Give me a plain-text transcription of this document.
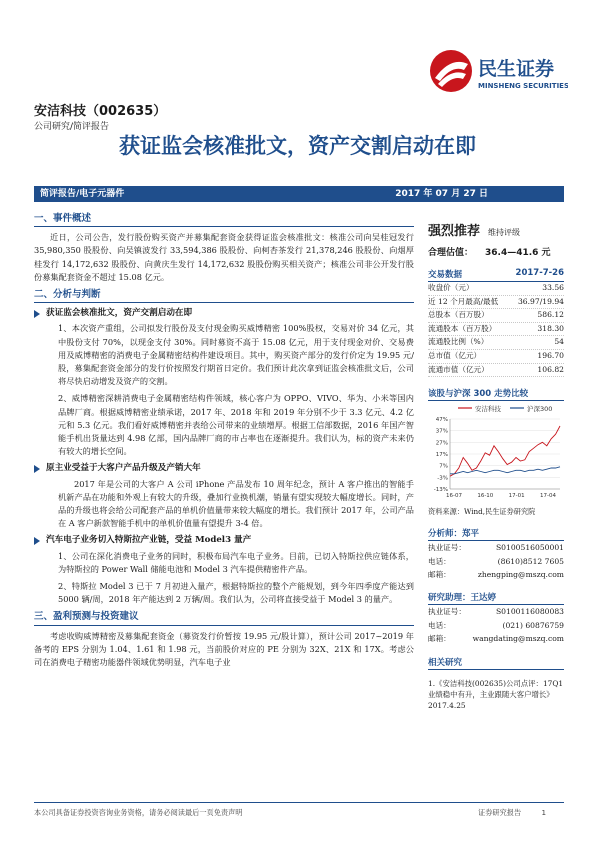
民生证券
MINSHENG SECURITIES
安洁科技（002635）
公司研究/简评报告
获证监会核准批文，资产交割启动在即
简评报告/电子元器件	2017 年 07 月 27 日
一、事件概述

近日，公司公告，发行股份购买资产并募集配套资金获得证监会核准批文：核准公司向吴桂冠发行 35,980,350 股股份、向吴镇波发行 33,594,386 股股份、向柯杏茶发行 21,378,246 股股份、向烟厚桂发行 14,172,632 股股份、向黄庆生发行 14,172,632 股股份购买相关资产；核准公司非公开发行股份募集配套资金不超过 15.08 亿元。

二、分析与判断
获证监会核准批文，资产交割启动在即

1、本次资产重组，公司拟发行股份及支付现金购买威博精密 100%股权，交易对价 34 亿元，其中股份支付 70%，以现金支付 30%。同时募资不高于 15.08 亿元，用于支付现金对价、交易费用及威博精密的消费电子金属精密结构件建设项目。其中，购买资产部分的发行价定为 19.95 元/股，募集配套资金部分的发行价按照发行期首日定价。我们预计此次拿到证监会核准批文后，公司将尽快启动增发及资产的交割。

2、威博精密深耕消费电子金属精密结构件领域，核心客户为 OPPO、VIVO、华为、小米等国内品牌厂商。根据威博精密业绩承诺，2017 年、2018 年和 2019 年分别不少于 3.3 亿元、4.2 亿元和 5.3 亿元。我们看好威博精密并表给公司带来的业绩增厚。根据工信部数据，2016 年国产智能手机出货量达到 4.98 亿部，国内品牌厂商的市占率也在逐渐提升。我们认为，标的资产未来仍有较大的增长空间。

原主业受益于大客户产品升级及产销大年

2017 年是公司的大客户 A 公司 iPhone 产品发布 10 周年纪念，预计 A 客户推出的智能手机新产品在功能和外观上有较大的升级，叠加行业换机潮，销量有望实现较大幅度增长。同时，产品的升级也将会给公司配套产品的单机价值量带来较大幅度的增长。我们预计 2017 年，公司产品在 A 客户新款智能手机中的单机价值量有望提升 3-4 倍。

汽车电子业务切入特斯拉产业链，受益 Model3 量产

1、公司在深化消费电子业务的同时，积极布局汽车电子业务。目前，已切入特斯拉供应链体系，为特斯拉的 Power Wall 储能电池和 Model 3 汽车提供精密件产品。

2、特斯拉 Model 3 已于 7 月初进入量产，根据特斯拉的整个产能规划，到今年四季度产能达到 5000 辆/周，2018 年产能达到 2 万辆/周。我们认为，公司将直接受益于 Model 3 的量产。

三、盈利预测与投资建议

考虑收购威博精密及募集配套资金（募资发行价暂按 19.95 元/股计算），预计公司 2017~2019 年备考的 EPS 分别为 1.04、1.61 和 1.98 元，当前股价对应的 PE 分别为 32X、21X 和 17X。考虑公司在消费电子精密功能器件领域优势明显，汽车电子业

强烈推荐 维持评级
合理估值： 36.4—41.6 元
交易数据	2017-7-26
收盘价（元）	33.56
近 12 个月最高/最低	36.97/19.94
总股本（百万股）	586.12
流通股本（百万股）	318.30
流通股比例（%）	54
总市值（亿元）	196.70
流通市值（亿元）	106.82
该股与沪深 300 走势比较
安洁科技	沪深300
47%
37%
27%
17%
7%
-3%
-13%
16-07	16-10	17-01	17-04
资料来源：Wind,民生证券研究院
分析师：郑平
执业证号：	S0100516050001
电话：	(8610)8512 7605
邮箱：	zhengping@mszq.com
研究助理：王达婷
执业证号：	S0100116080083
电话：	(021) 60876759
邮箱：	wangdating@mszq.com
相关研究
1.《安洁科技(002635)公司点评：17Q1 业绩稳中有升，主业跟随大客户增长》
2017.4.25
本公司具备证券投资咨询业务资格，请务必阅读最后一页免责声明	证券研究报告	1
